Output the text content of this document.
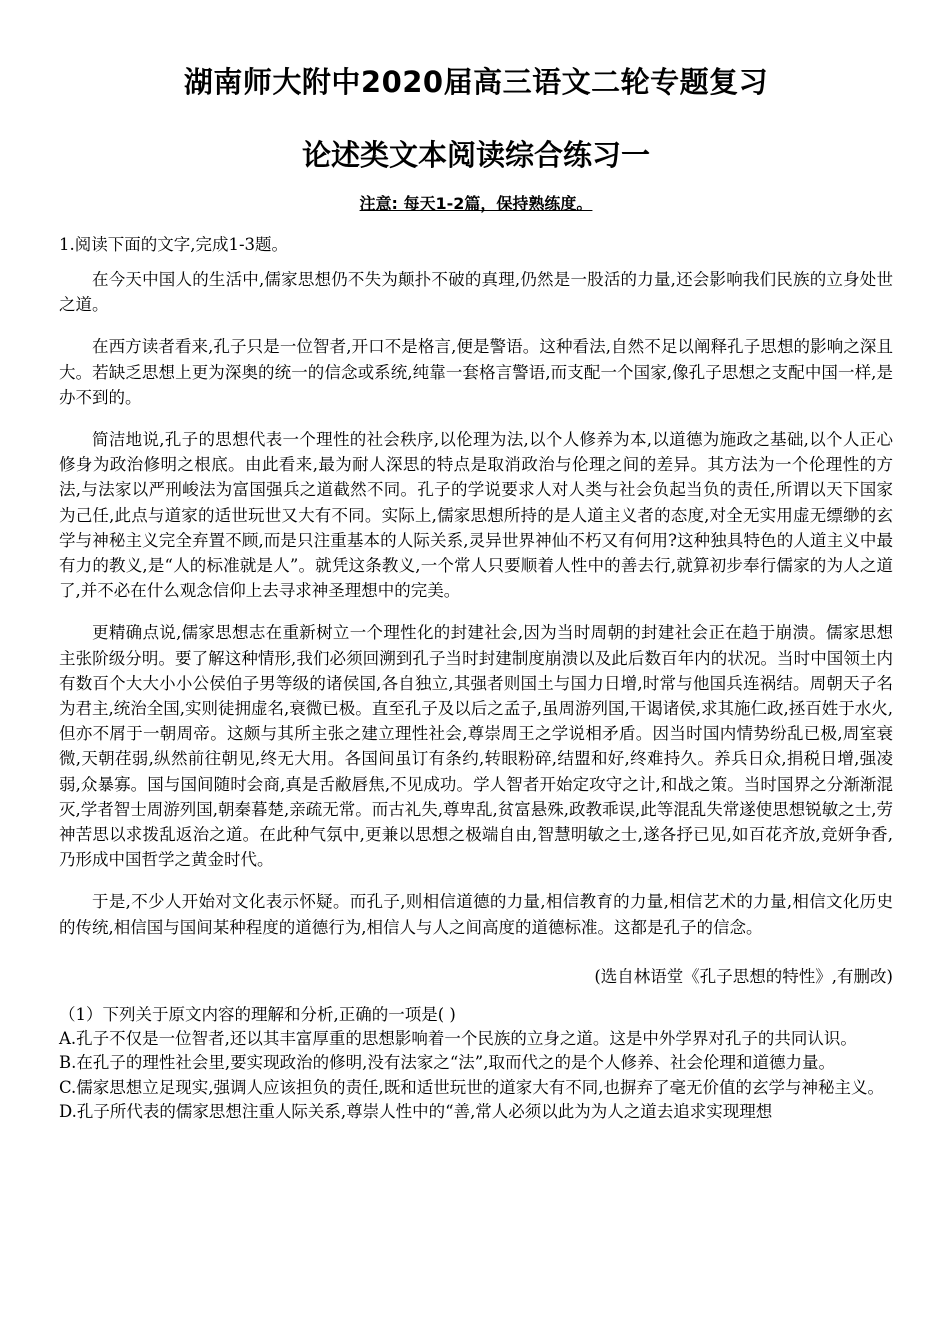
湖南师大附中2020届高三语文二轮专题复习
论述类文本阅读综合练习一
注意: 每天1-2篇，保持熟练度。
1.阅读下面的文字,完成1-3题。

在今天中国人的生活中,儒家思想仍不失为颠扑不破的真理,仍然是一股活的力量,还会影响我们民族的立身处世之道。

在西方读者看来,孔子只是一位智者,开口不是格言,便是警语。这种看法,自然不足以阐释孔子思想的影响之深且大。若缺乏思想上更为深奥的统一的信念或系统,纯靠一套格言警语,而支配一个国家,像孔子思想之支配中国一样,是办不到的。

简洁地说,孔子的思想代表一个理性的社会秩序,以伦理为法,以个人修养为本,以道德为施政之基础,以个人正心修身为政治修明之根底。由此看来,最为耐人深思的特点是取消政治与伦理之间的差异。其方法为一个伦理性的方法,与法家以严刑峻法为富国强兵之道截然不同。孔子的学说要求人对人类与社会负起当负的责任,所谓以天下国家为己任,此点与道家的适世玩世又大有不同。实际上,儒家思想所持的是人道主义者的态度,对全无实用虚无缥缈的玄学与神秘主义完全弃置不顾,而是只注重基本的人际关系,灵异世界神仙不朽又有何用?这种独具特色的人道主义中最有力的教义,是“人的标准就是人”。就凭这条教义,一个常人只要顺着人性中的善去行,就算初步奉行儒家的为人之道了,并不必在什么观念信仰上去寻求神圣理想中的完美。

更精确点说,儒家思想志在重新树立一个理性化的封建社会,因为当时周朝的封建社会正在趋于崩溃。儒家思想主张阶级分明。要了解这种情形,我们必须回溯到孔子当时封建制度崩溃以及此后数百年内的状况。当时中国领土内有数百个大大小小公侯伯子男等级的诸侯国,各自独立,其强者则国土与国力日增,时常与他国兵连祸结。周朝天子名为君主,统治全国,实则徒拥虚名,衰微已极。直至孔子及以后之孟子,虽周游列国,干谒诸侯,求其施仁政,拯百姓于水火,但亦不屑于一朝周帝。这颇与其所主张之建立理性社会,尊崇周王之学说相矛盾。因当时国内情势纷乱已极,周室衰微,天朝荏弱,纵然前往朝见,终无大用。各国间虽订有条约,转眼粉碎,结盟和好,终难持久。养兵日众,捐税日增,强凌弱,众暴寡。国与国间随时会商,真是舌敝唇焦,不见成功。学人智者开始定攻守之计,和战之策。当时国界之分渐渐混灭,学者智士周游列国,朝秦暮楚,亲疏无常。而古礼失,尊卑乱,贫富悬殊,政教乖误,此等混乱失常遂使思想锐敏之士,劳神苦思以求拨乱返治之道。在此种气氛中,更兼以思想之极端自由,智慧明敏之士,遂各抒已见,如百花齐放,竞妍争香,乃形成中国哲学之黄金时代。

于是,不少人开始对文化表示怀疑。而孔子,则相信道德的力量,相信教育的力量,相信艺术的力量,相信文化历史的传统,相信国与国间某种程度的道德行为,相信人与人之间高度的道德标准。这都是孔子的信念。

(选自林语堂《孔子思想的特性》,有删改)
（1）下列关于原文内容的理解和分析,正确的一项是( )
A.孔子不仅是一位智者,还以其丰富厚重的思想影响着一个民族的立身之道。这是中外学界对孔子的共同认识。
B.在孔子的理性社会里,要实现政治的修明,没有法家之“法”,取而代之的是个人修养、社会伦理和道德力量。
C.儒家思想立足现实,强调人应该担负的责任,既和适世玩世的道家大有不同,也摒弃了毫无价值的玄学与神秘主义。
D.孔子所代表的儒家思想注重人际关系,尊崇人性中的“善,常人必须以此为为人之道去追求实现理想
